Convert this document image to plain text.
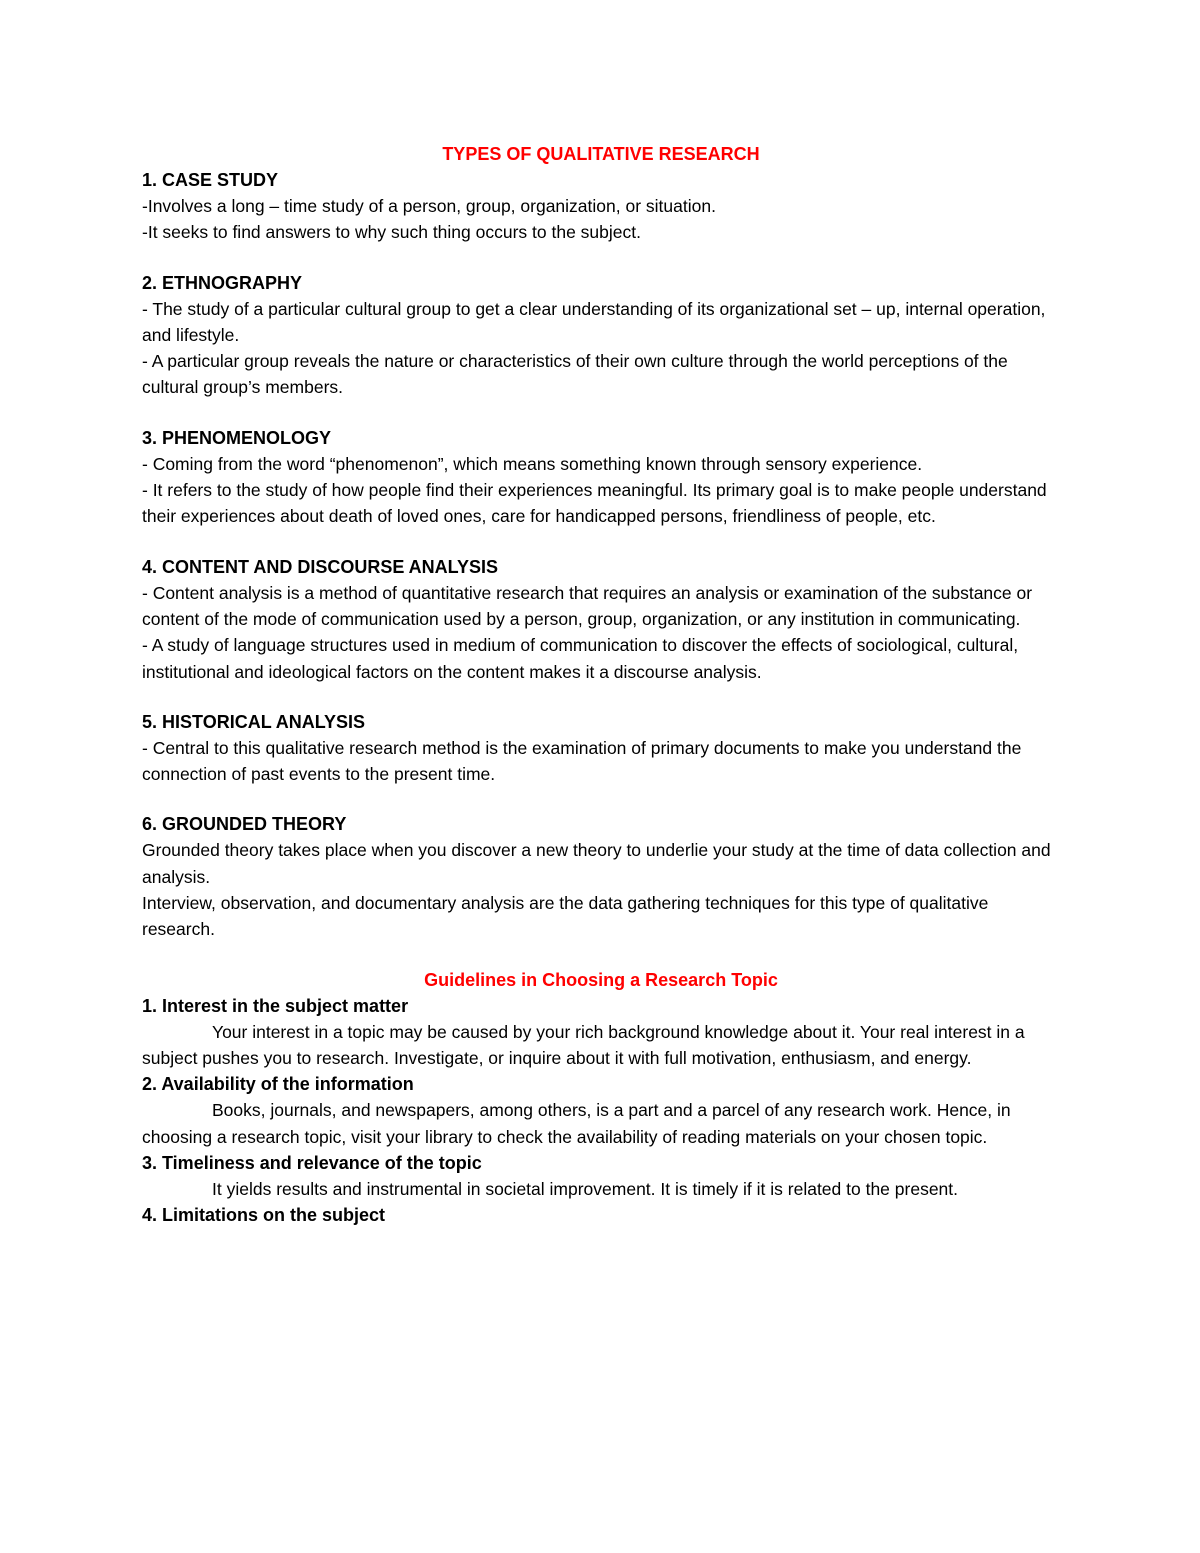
TYPES OF QUALITATIVE RESEARCH

1. CASE STUDY

-Involves a long – time study of a person, group, organization, or situation.

-It seeks to find answers to why such thing occurs to the subject.

2. ETHNOGRAPHY

- The study of a particular cultural group to get a clear understanding of its organizational set – up, internal operation, and lifestyle.

- A particular group reveals the nature or characteristics of their own culture through the world perceptions of the cultural group’s members.

3. PHENOMENOLOGY

- Coming from the word “phenomenon”, which means something known through sensory experience.

- It refers to the study of how people find their experiences meaningful. Its primary goal is to make people understand their experiences about death of loved ones, care for handicapped persons, friendliness of people, etc.

4. CONTENT AND DISCOURSE ANALYSIS

- Content analysis is a method of quantitative research that requires an analysis or examination of the substance or content of the mode of communication used by a person, group, organization, or any institution in communicating.

- A study of language structures used in medium of communication to discover the effects of sociological, cultural, institutional and ideological factors on the content makes it a discourse analysis.

5. HISTORICAL ANALYSIS

- Central to this qualitative research method is the examination of primary documents to make you understand the connection of past events to the present time.

6. GROUNDED THEORY

Grounded theory takes place when you discover a new theory to underlie your study at the time of data collection and analysis.

Interview, observation, and documentary analysis are the data gathering techniques for this type of qualitative research.

Guidelines in Choosing a Research Topic

1. Interest in the subject matter

Your interest in a topic may be caused by your rich background knowledge about it. Your real interest in a subject pushes you to research. Investigate, or inquire about it with full motivation, enthusiasm, and energy.

2. Availability of the information

Books, journals, and newspapers, among others, is a part and a parcel of any research work. Hence, in choosing a research topic, visit your library to check the availability of reading materials on your chosen topic.

3. Timeliness and relevance of the topic

It yields results and instrumental in societal improvement. It is timely if it is related to the present.

4. Limitations on the subject
